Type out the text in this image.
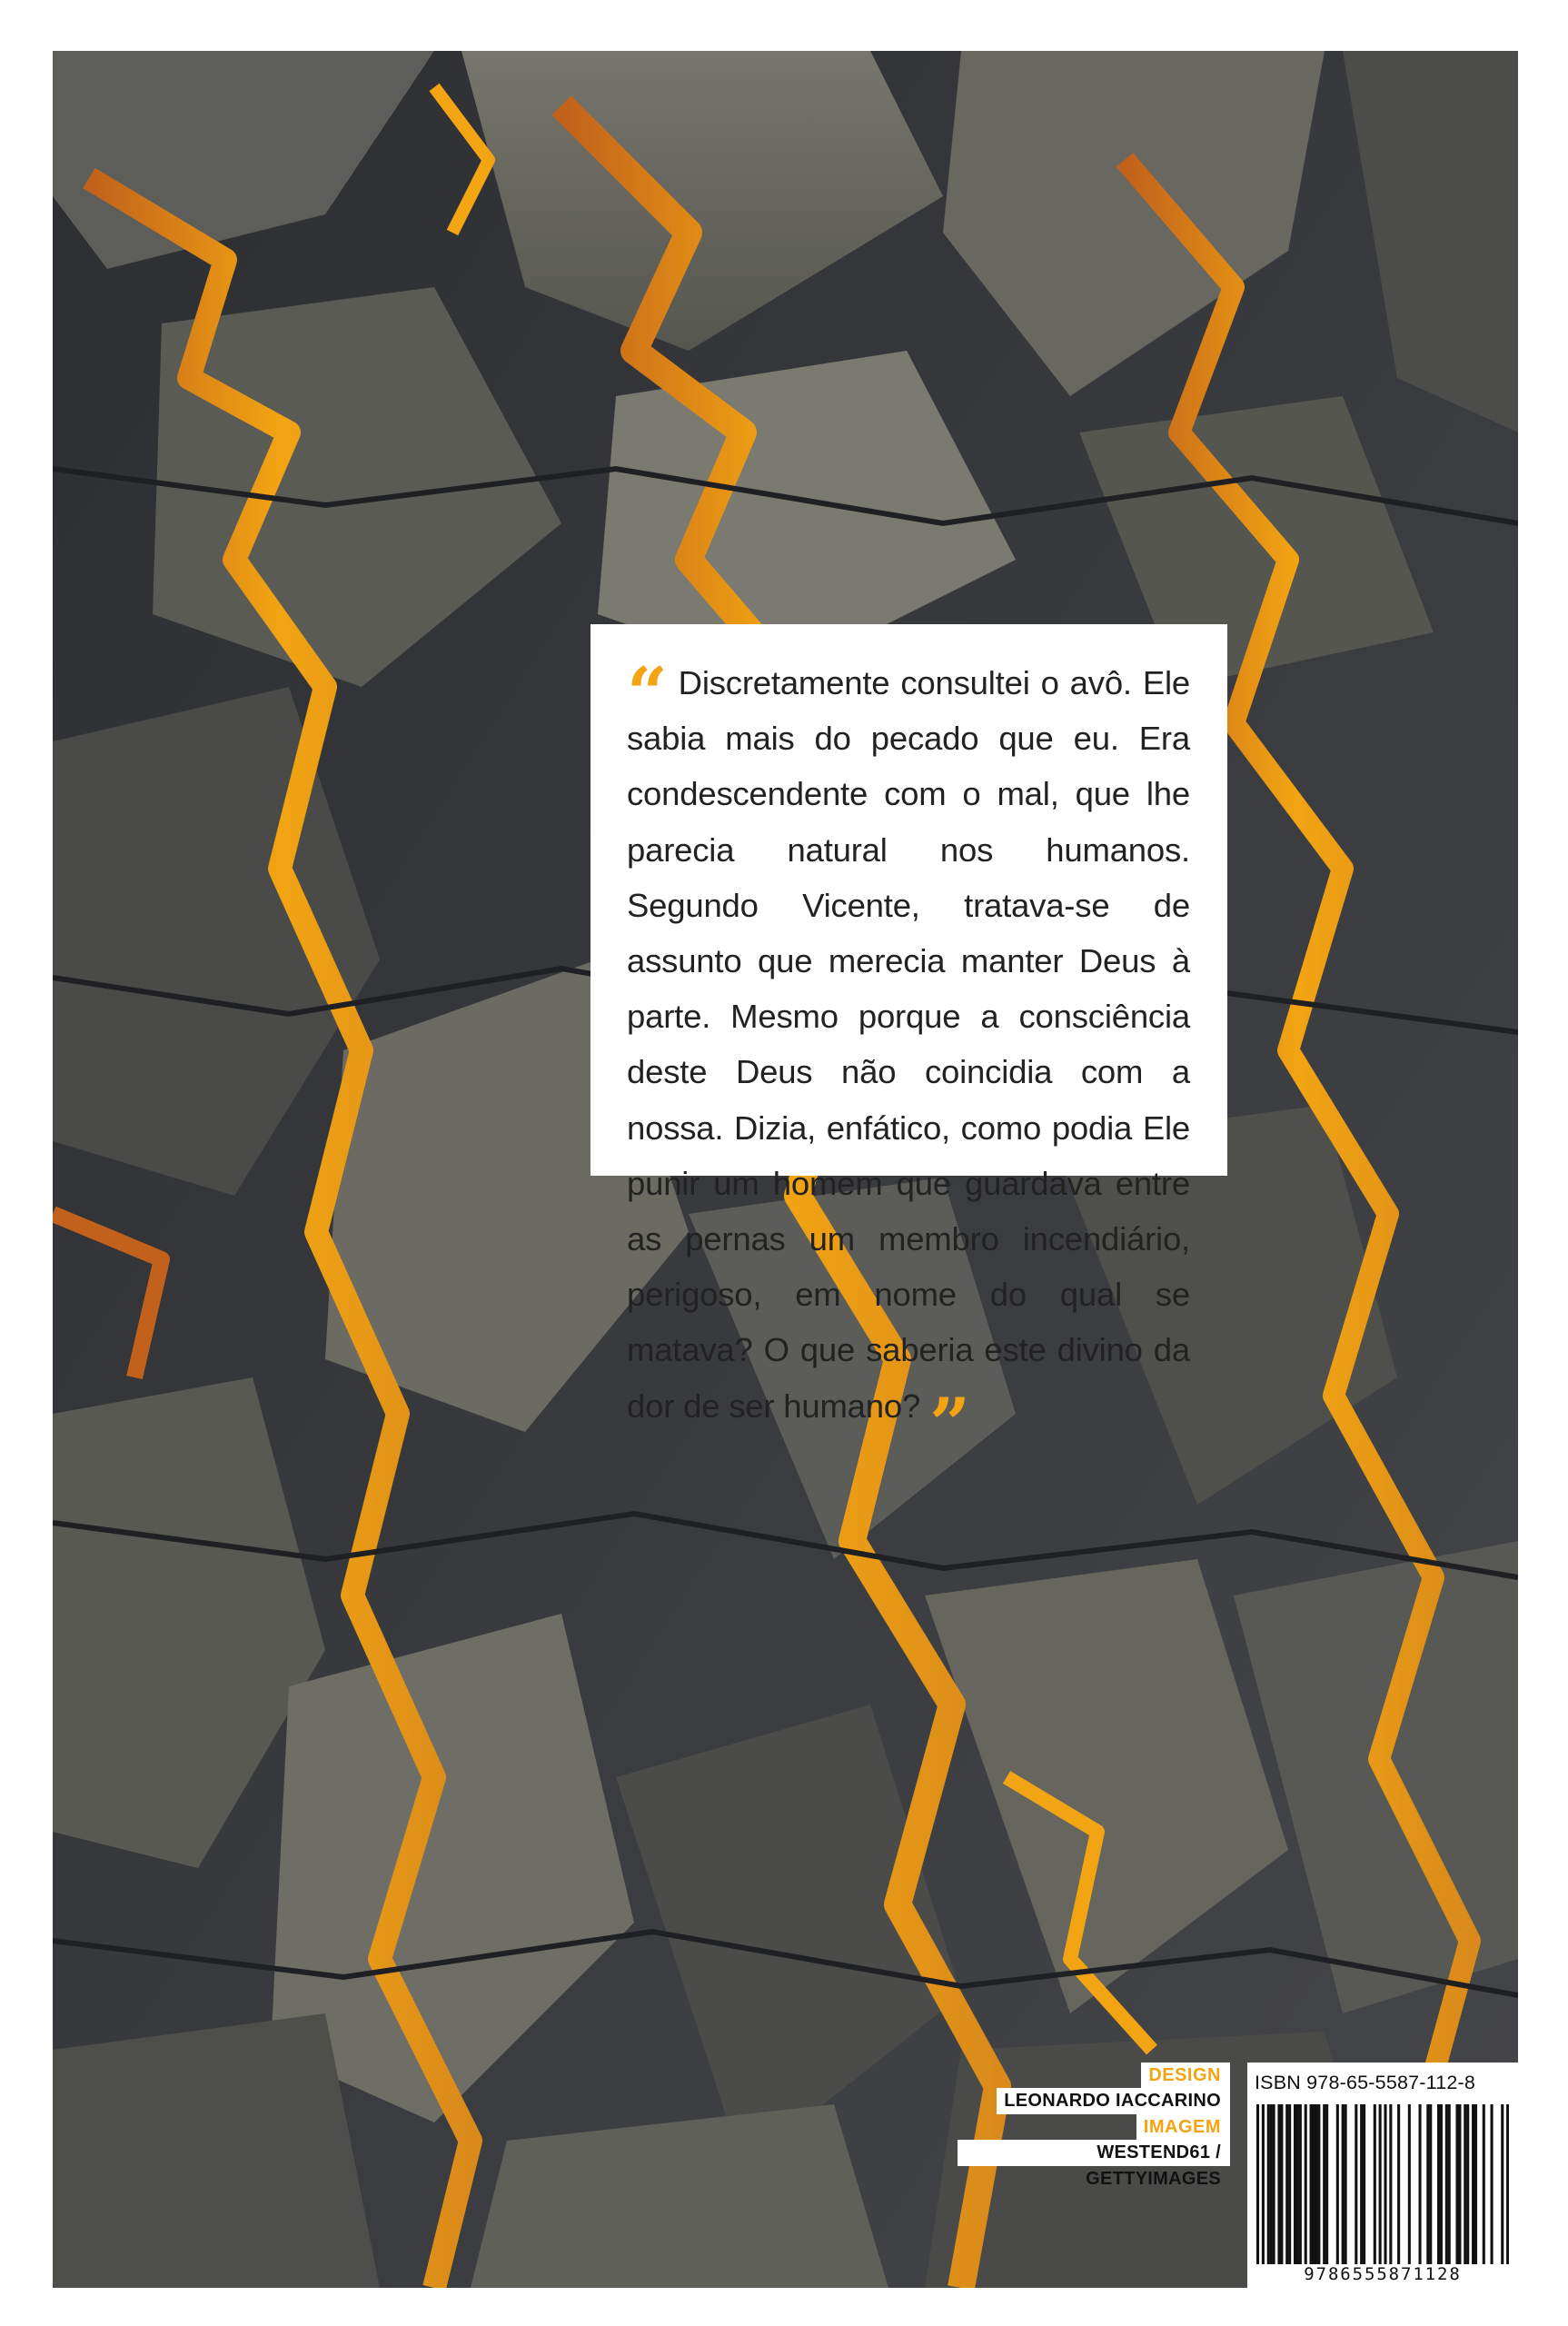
“ Discretamente consultei o avô. Ele sabia mais do pecado que eu. Era condescendente com o mal, que lhe parecia natural nos humanos. Segundo Vicente, tratava-se de assunto que merecia manter Deus à parte. Mesmo porque a consciência deste Deus não coincidia com a nossa. Dizia, enfático, como podia Ele punir um homem que guardava entre as pernas um membro incendiário, perigoso, em nome do qual se matava? O que saberia este divino da dor de ser humano? ”
DESIGN
LEONARDO IACCARINO
IMAGEM
WESTEND61 / GETTYIMAGES
ISBN 978-65-5587-112-8
9786555871128
